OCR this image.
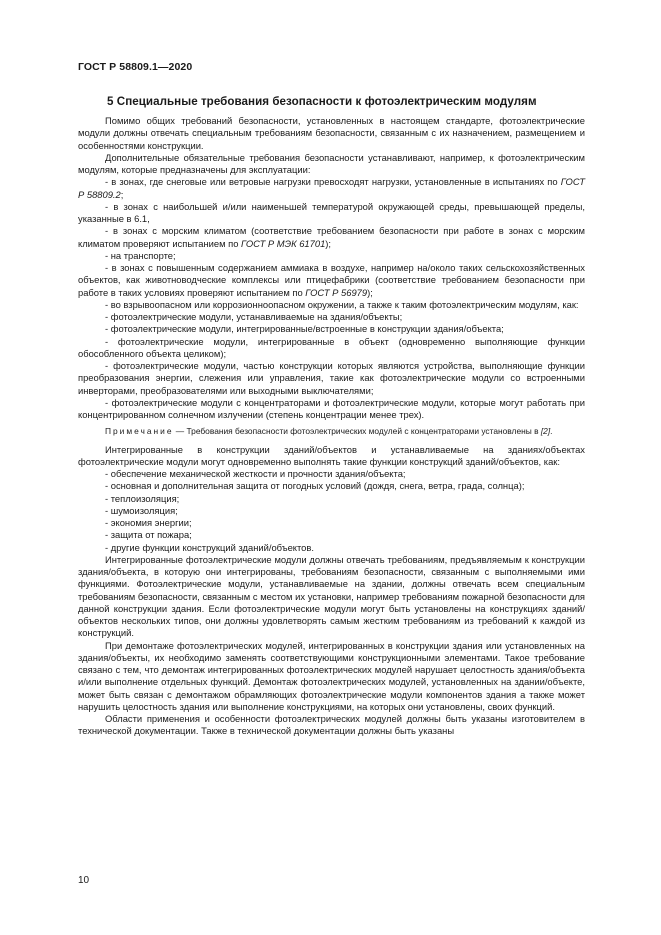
ГОСТ Р 58809.1—2020
5 Специальные требования безопасности к фотоэлектрическим модулям

Помимо общих требований безопасности, установленных в настоящем стандарте, фотоэлектрические модули должны отвечать специальным требованиям безопасности, связанным с их назначением, размещением и особенностями конструкции.

Дополнительные обязательные требования безопасности устанавливают, например, к фотоэлектрическим модулям, которые предназначены для эксплуатации:

- в зонах, где снеговые или ветровые нагрузки превосходят нагрузки, установленные в испытаниях по ГОСТ Р 58809.2;

- в зонах с наибольшей и/или наименьшей температурой окружающей среды, превышающей пределы, указанные в 6.1,

- в зонах с морским климатом (соответствие требованием безопасности при работе в зонах с морским климатом проверяют испытанием по ГОСТ Р МЭК 61701);

- на транспорте;

- в зонах с повышенным содержанием аммиака в воздухе, например на/около таких сельскохозяйственных объектов, как животноводческие комплексы или птицефабрики (соответствие требованием безопасности при работе в таких условиях проверяют испытанием по ГОСТ Р 56979);

- во взрывоопасном или коррозионноопасном окружении, а также к таким фотоэлектрическим модулям, как:

- фотоэлектрические модули, устанавливаемые на здания/объекты;

- фотоэлектрические модули, интегрированные/встроенные в конструкции здания/объекта;

- фотоэлектрические модули, интегрированные в объект (одновременно выполняющие функции обособленного объекта целиком);

- фотоэлектрические модули, частью конструкции которых являются устройства, выполняющие функции преобразования энергии, слежения или управления, такие как фотоэлектрические модули со встроенными инверторами, преобразователями или выходными выключателями;

- фотоэлектрические модули с концентраторами и фотоэлектрические модули, которые могут работать при концентрированном солнечном излучении (степень концентрации менее трех).

Примечание — Требования безопасности фотоэлектрических модулей с концентраторами установлены в [2].

Интегрированные в конструкции зданий/объектов и устанавливаемые на зданиях/объектах фотоэлектрические модули могут одновременно выполнять такие функции конструкций зданий/объектов, как:

- обеспечение механической жесткости и прочности здания/объекта;

- основная и дополнительная защита от погодных условий (дождя, снега, ветра, града, солнца);

- теплоизоляция;

- шумоизоляция;

- экономия энергии;

- защита от пожара;

- другие функции конструкций зданий/объектов.

Интегрированные фотоэлектрические модули должны отвечать требованиям, предъявляемым к конструкции здания/объекта, в которую они интегрированы, требованиям безопасности, связанным с выполняемыми ими функциями. Фотоэлектрические модули, устанавливаемые на здании, должны отвечать всем специальным требованиям безопасности, связанным с местом их установки, например требованиям пожарной безопасности для данной конструкции здания. Если фотоэлектрические модули могут быть установлены на конструкциях зданий/объектов нескольких типов, они должны удовлетворять самым жестким требованиям из требований к каждой из конструкций.

При демонтаже фотоэлектрических модулей, интегрированных в конструкции здания или установленных на здания/объекты, их необходимо заменять соответствующими конструкционными элементами. Такое требование связано с тем, что демонтаж интегрированных фотоэлектрических модулей нарушает целостность здания/объекта и/или выполнение отдельных функций. Демонтаж фотоэлектрических модулей, установленных на здании/объекте, может быть связан с демонтажом обрамляющих фотоэлектрические модули компонентов здания а также может нарушить целостность здания или выполнение конструкциями, на которых они установлены, своих функций.

Области применения и особенности фотоэлектрических модулей должны быть указаны изготовителем в технической документации. Также в технической документации должны быть указаны

10
